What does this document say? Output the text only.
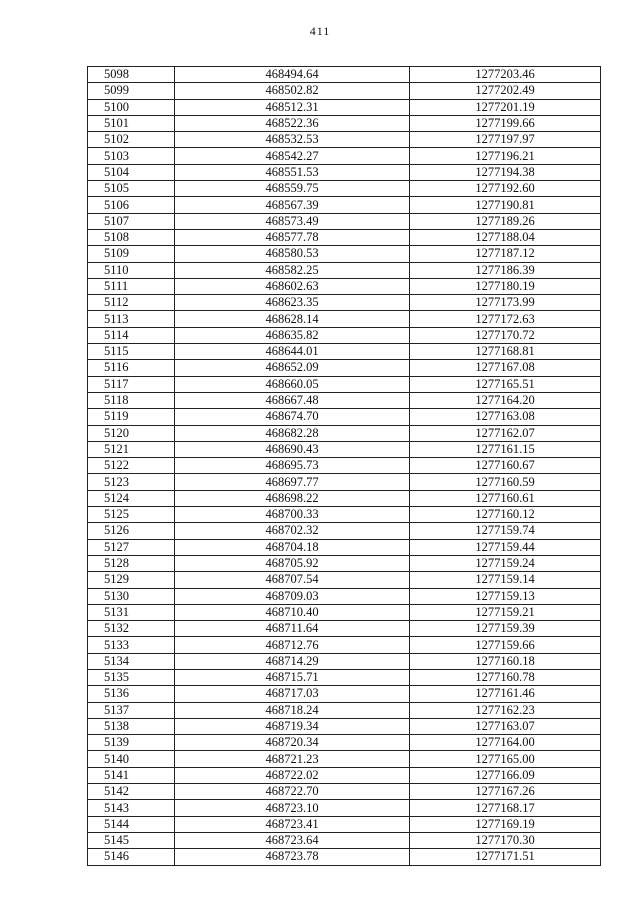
411
5098	468494.64	1277203.46
5099	468502.82	1277202.49
5100	468512.31	1277201.19
5101	468522.36	1277199.66
5102	468532.53	1277197.97
5103	468542.27	1277196.21
5104	468551.53	1277194.38
5105	468559.75	1277192.60
5106	468567.39	1277190.81
5107	468573.49	1277189.26
5108	468577.78	1277188.04
5109	468580.53	1277187.12
5110	468582.25	1277186.39
5111	468602.63	1277180.19
5112	468623.35	1277173.99
5113	468628.14	1277172.63
5114	468635.82	1277170.72
5115	468644.01	1277168.81
5116	468652.09	1277167.08
5117	468660.05	1277165.51
5118	468667.48	1277164.20
5119	468674.70	1277163.08
5120	468682.28	1277162.07
5121	468690.43	1277161.15
5122	468695.73	1277160.67
5123	468697.77	1277160.59
5124	468698.22	1277160.61
5125	468700.33	1277160.12
5126	468702.32	1277159.74
5127	468704.18	1277159.44
5128	468705.92	1277159.24
5129	468707.54	1277159.14
5130	468709.03	1277159.13
5131	468710.40	1277159.21
5132	468711.64	1277159.39
5133	468712.76	1277159.66
5134	468714.29	1277160.18
5135	468715.71	1277160.78
5136	468717.03	1277161.46
5137	468718.24	1277162.23
5138	468719.34	1277163.07
5139	468720.34	1277164.00
5140	468721.23	1277165.00
5141	468722.02	1277166.09
5142	468722.70	1277167.26
5143	468723.10	1277168.17
5144	468723.41	1277169.19
5145	468723.64	1277170.30
5146	468723.78	1277171.51
